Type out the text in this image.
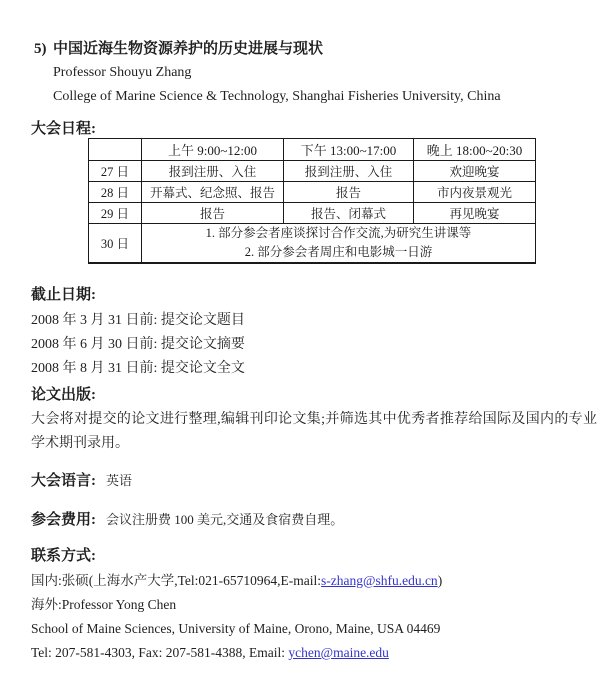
5) 中国近海生物资源养护的历史进展与现状
Professor Shouyu Zhang
College of Marine Science & Technology, Shanghai Fisheries University, China
大会日程:
	上午 9:00~12:00	下午 13:00~17:00	晚上 18:00~20:30
27 日	报到注册、入住	报到注册、入住	欢迎晚宴
28 日	开幕式、纪念照、报告	报告	市内夜景观光
29 日	报告	报告、闭幕式	再见晚宴
30 日	1. 部分参会者座谈探讨合作交流,为研究生讲课等
2. 部分参会者周庄和电影城一日游		
截止日期:
2008 年 3 月 31 日前: 提交论文题目
2008 年 6 月 30 日前: 提交论文摘要
2008 年 8 月 31 日前: 提交论文全文
论文出版:
大会将对提交的论文进行整理,编辑刊印论文集;并筛选其中优秀者推荐给国际及国内的专业学术期刊录用。
大会语言: 英语
参会费用: 会议注册费 100 美元,交通及食宿费自理。
联系方式:
国内:张硕(上海水产大学,Tel:021-65710964,E-mail:s-zhang@shfu.edu.cn)
海外:Professor Yong Chen
School of Maine Sciences, University of Maine, Orono, Maine, USA 04469
Tel: 207-581-4303, Fax: 207-581-4388, Email: ychen@maine.edu
